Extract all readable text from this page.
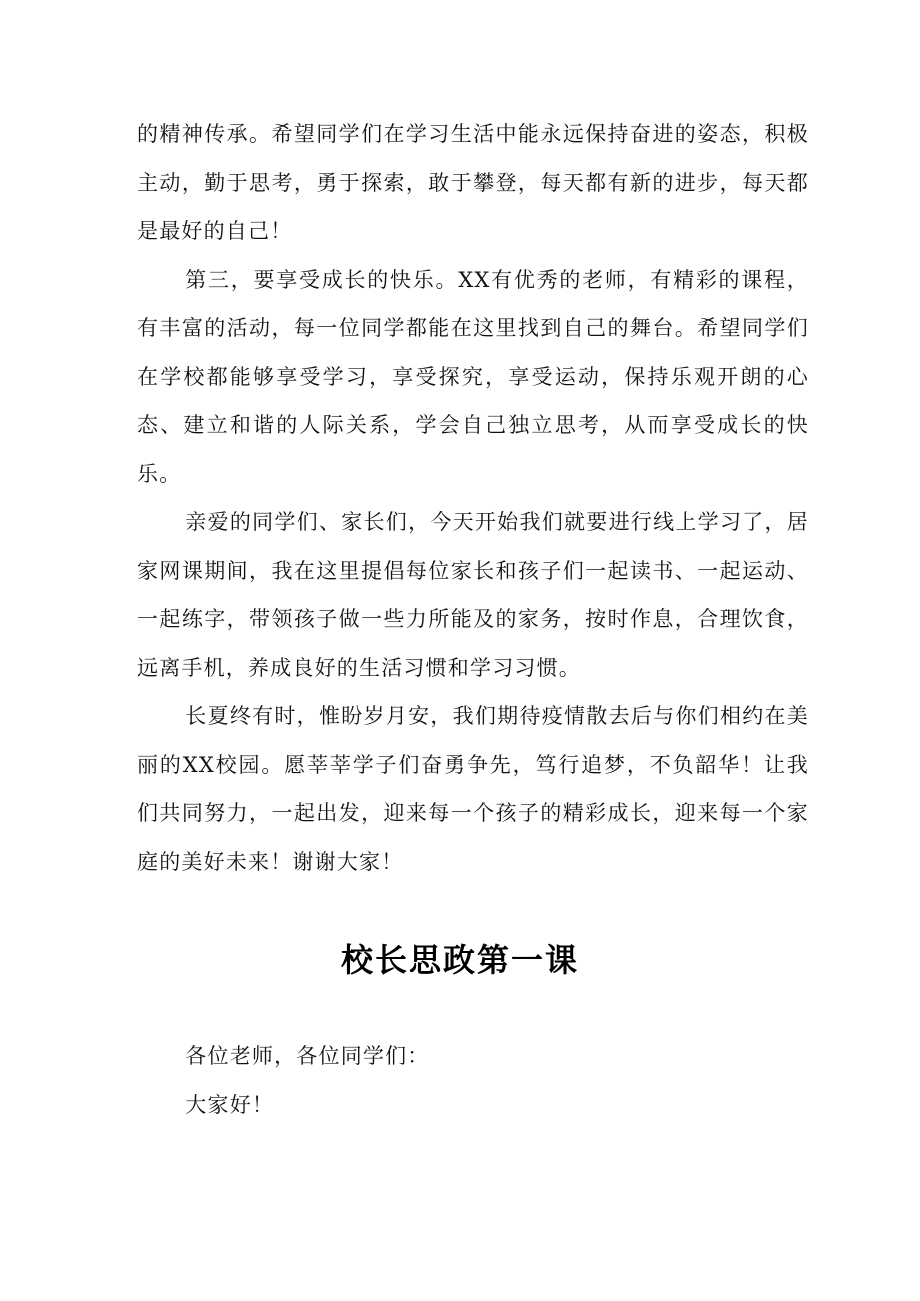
的精神传承。希望同学们在学习生活中能永远保持奋进的姿态，积极主动，勤于思考，勇于探索，敢于攀登，每天都有新的进步，每天都是最好的自己！

第三，要享受成长的快乐。XX有优秀的老师，有精彩的课程，有丰富的活动，每一位同学都能在这里找到自己的舞台。希望同学们在学校都能够享受学习，享受探究，享受运动，保持乐观开朗的心态、建立和谐的人际关系，学会自己独立思考，从而享受成长的快乐。

亲爱的同学们、家长们，今天开始我们就要进行线上学习了，居家网课期间，我在这里提倡每位家长和孩子们一起读书、一起运动、一起练字，带领孩子做一些力所能及的家务，按时作息，合理饮食，远离手机，养成良好的生活习惯和学习习惯。

长夏终有时，惟盼岁月安，我们期待疫情散去后与你们相约在美丽的XX校园。愿莘莘学子们奋勇争先，笃行追梦，不负韶华！让我们共同努力，一起出发，迎来每一个孩子的精彩成长，迎来每一个家庭的美好未来！谢谢大家！

校长思政第一课

各位老师，各位同学们：

大家好！
